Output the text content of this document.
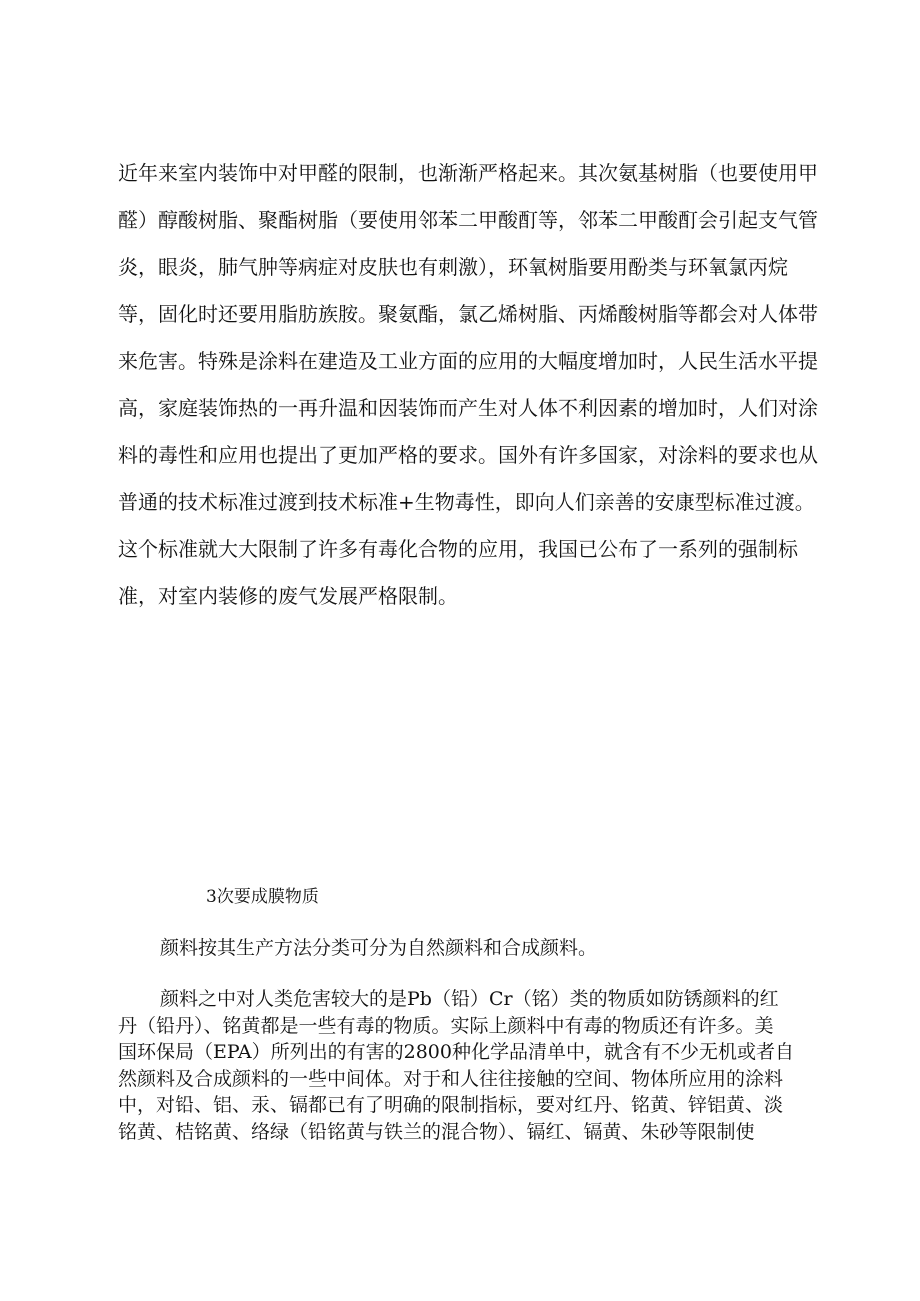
近年来室内装饰中对甲醛的限制，也渐渐严格起来。其次氨基树脂（也要使用甲
醛）醇酸树脂、聚酯树脂（要使用邻苯二甲酸酊等，邻苯二甲酸酊会引起支气管
炎，眼炎，肺气肿等病症对皮肤也有刺激），环氧树脂要用酚类与环氧氯丙烷
等，固化时还要用脂肪族胺。聚氨酯，氯乙烯树脂、丙烯酸树脂等都会对人体带
来危害。特殊是涂料在建造及工业方面的应用的大幅度增加时，人民生活水平提
高，家庭装饰热的一再升温和因装饰而产生对人体不利因素的增加时，人们对涂
料的毒性和应用也提出了更加严格的要求。国外有许多国家，对涂料的要求也从
普通的技术标准过渡到技术标准+生物毒性，即向人们亲善的安康型标准过渡。
这个标准就大大限制了许多有毒化合物的应用，我国已公布了一系列的强制标
准，对室内装修的废气发展严格限制。
3次要成膜物质
颜料按其生产方法分类可分为自然颜料和合成颜料。
颜料之中对人类危害较大的是Pb（铅）Cr（铭）类的物质如防锈颜料的红
丹（铅丹）、铭黄都是一些有毒的物质。实际上颜料中有毒的物质还有许多。美
国环保局（EPA）所列出的有害的2800种化学品清单中，就含有不少无机或者自
然颜料及合成颜料的一些中间体。对于和人往往接触的空间、物体所应用的涂料
中，对铅、铝、汞、镉都已有了明确的限制指标，要对红丹、铭黄、锌铝黄、淡
铭黄、桔铭黄、络绿（铅铭黄与铁兰的混合物）、镉红、镉黄、朱砂等限制使
